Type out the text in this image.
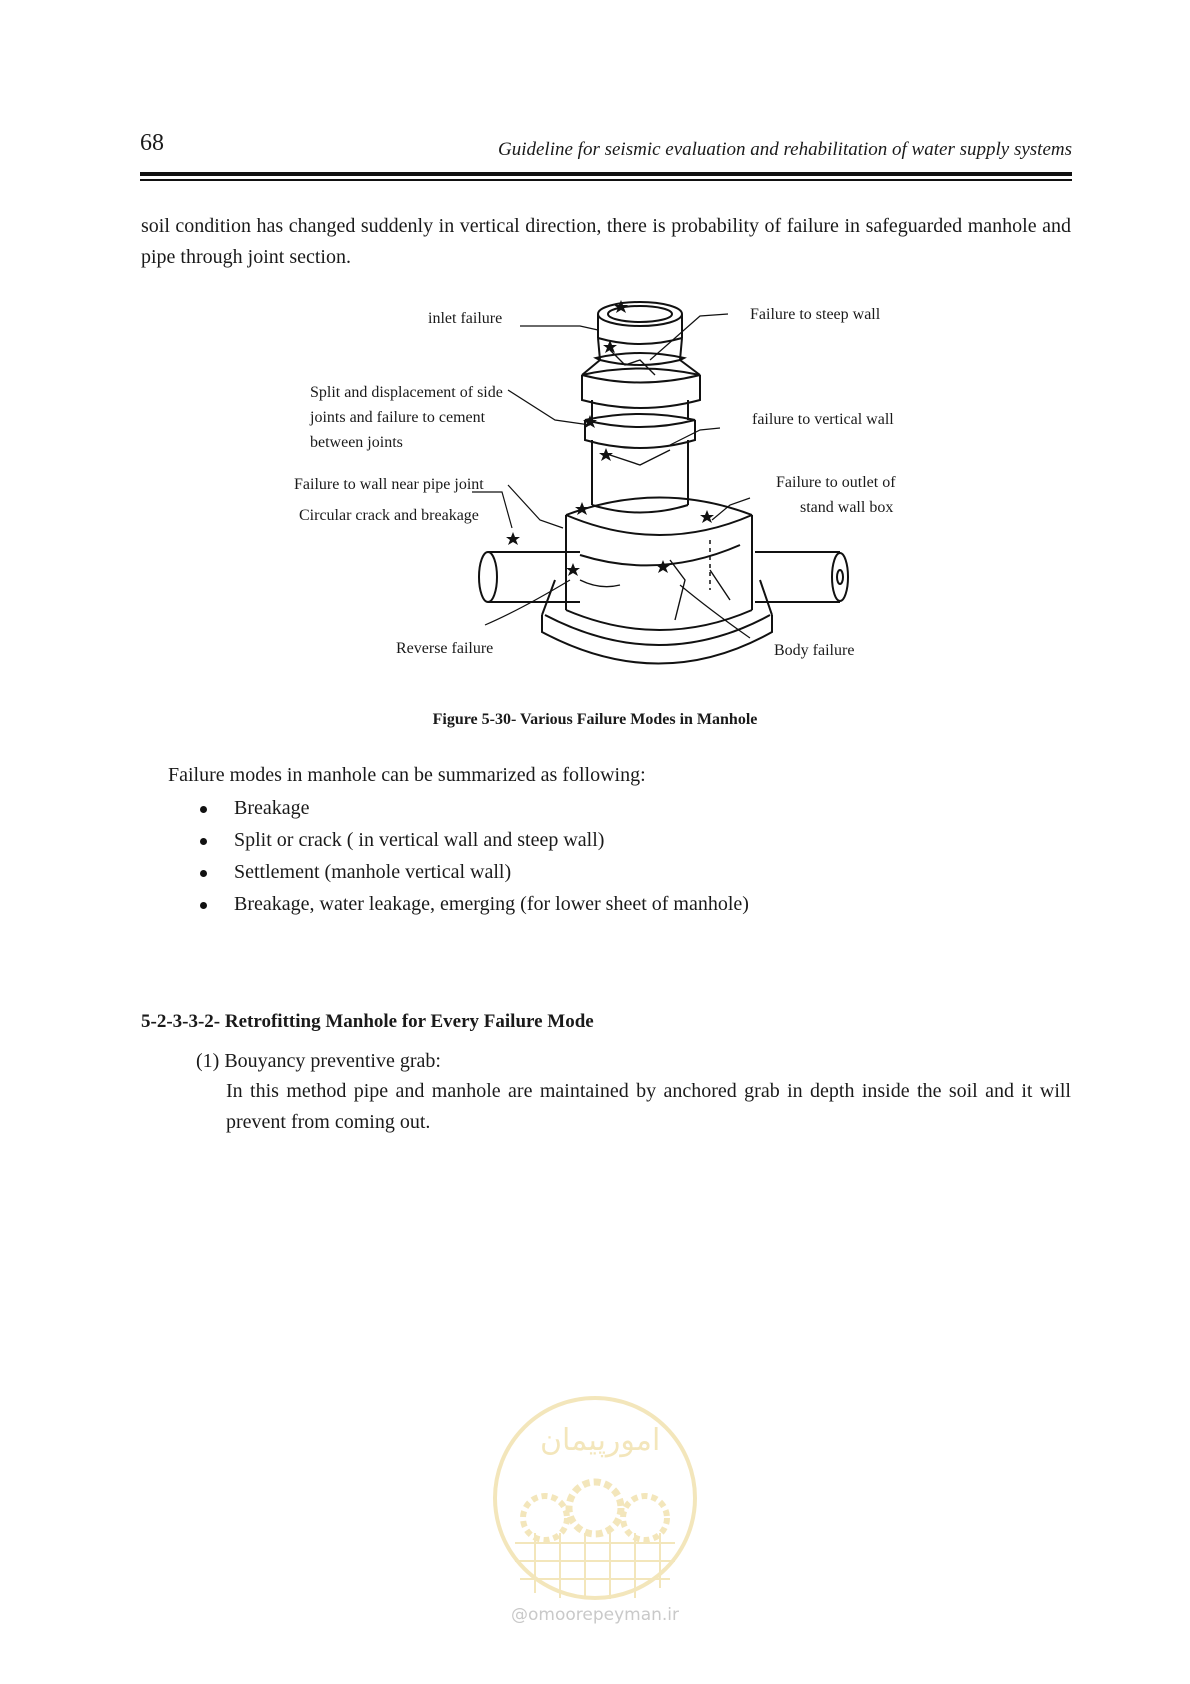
68	Guideline for seismic evaluation and rehabilitation of water supply systems
soil condition has changed suddenly in vertical direction, there is probability of failure in safeguarded manhole and pipe through joint section.
inlet failure	Failure to steep wall
Split and displacement of side
joints and failure to cement
between joints
failure to vertical wall
Failure to wall near pipe joint	Failure to outlet of
stand wall box
Circular crack and breakage
Reverse failure	Body failure
Figure 5-30- Various Failure Modes in Manhole
Failure modes in manhole can be summarized as following:
Breakage
Split or crack ( in vertical wall and steep wall)
Settlement (manhole vertical wall)
Breakage, water leakage, emerging (for lower sheet of manhole)
5-2-3-3-2- Retrofitting Manhole for Every Failure Mode
(1) Bouyancy preventive grab:
In this method pipe and manhole are maintained by anchored grab in depth inside the soil and it will prevent from coming out.
امورپیمان
@omoorepeyman.ir
